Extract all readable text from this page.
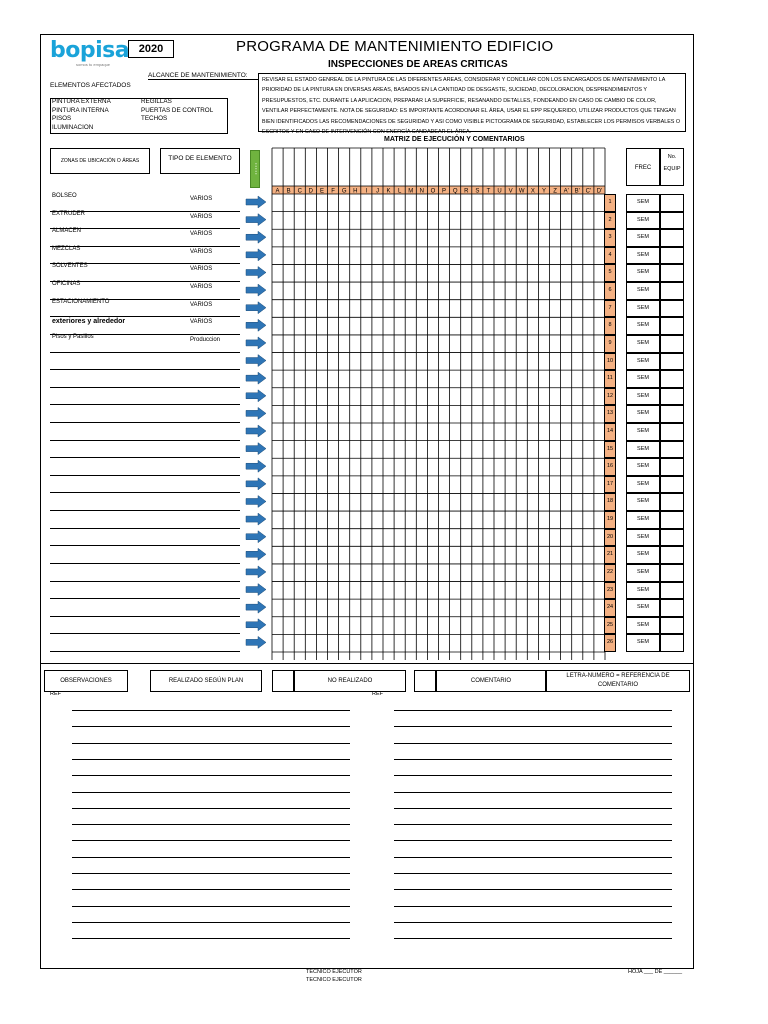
bopisa
somos tu empaque
2020	PROGRAMA DE MANTENIMIENTO EDIFICIO
INSPECCIONES DE AREAS CRITICAS
ALCANCE DE MANTENIMIENTO:
REVISAR EL ESTADO GENREAL DE LA PINTURA DE LAS DIFERENTES AREAS, CONSIDERAR Y CONCILIAR CON LOS ENCARGADOS DE MANTENIMIENTO LA PRIORIDAD DE LA PINTURA EN DIVERSAS AREAS, BASADOS EN LA CANTIDAD DE DESGASTE, SUCIEDAD, DECOLORACION, DESPRENDIMIENTOS Y PRESUPUESTOS, ETC. DURANTE LA APLICACION, PREPARAR LA SUPERFICIE, RESANANDO DETALLES, FONDEANDO EN CASO DE CAMBIO DE COLOR, VENTILAR PERFECTAMENTE. NOTA DE SEGURIDAD: ES IMPORTANTE ACORDONAR EL ÁREA, USAR EL EPP REQUERIDO, UTILIZAR PRODUCTOS QUE TENGAN BIEN IDENTIFICADOS LAS RECOMENDACIONES DE SEGURIDAD Y ASI COMO VISIBLE PICTOGRAMA DE SEGURIDAD, ESTABLECER LOS PERMISOS VERBALES O ESCRITOS Y EN CASO DE INTERVENCIÓN CON ENERGÍA CANDADEAR EL ÁREA.
ELEMENTOS AFECTADOS
PINTURA EXTERNA
PINTURA INTERNA
PISOS
ILUMINACION
REGILLAS
PUERTAS DE CONTROL
TECHOS
MATRIZ DE EJECUCIÓN Y COMENTARIOS
ZONAS DE UBICACIÓN O ÁREAS	TIPO DE ELEMENTO
• • • • •	FREC
No.
EQUIP
A B C D E F G H I J K L M N O P Q R S T U V W X Y Z A' B' C' D'
BOLSEO	VARIOS
EXTRUDER	VARIOS
ALMACEN	VARIOS
MEZCLAS	VARIOS
SOLVENTES	VARIOS
OFICINAS	VARIOS
ESTACIONAMIENTO	VARIOS
exteriores y alrededor	VARIOS
Pisos y Pasillos	Produccion
OBSERVACIONES	REALIZADO SEGÚN PLAN	NO REALIZADO	COMENTARIO
LETRA-NUMERO = REFERENCIA DE COMENTARIO
REF	REF
TECNICO EJECUTOR
TECNICO EJECUTOR
HOJA ___ DE ______
1	SEM
2	SEM
3	SEM
4	SEM
5	SEM
6	SEM
7	SEM
8	SEM
9	SEM
10	SEM
11	SEM
12	SEM
13	SEM
14	SEM
15	SEM
16	SEM
17	SEM
18	SEM
19	SEM
20	SEM
21	SEM
22	SEM
23	SEM
24	SEM
25	SEM
26	SEM
